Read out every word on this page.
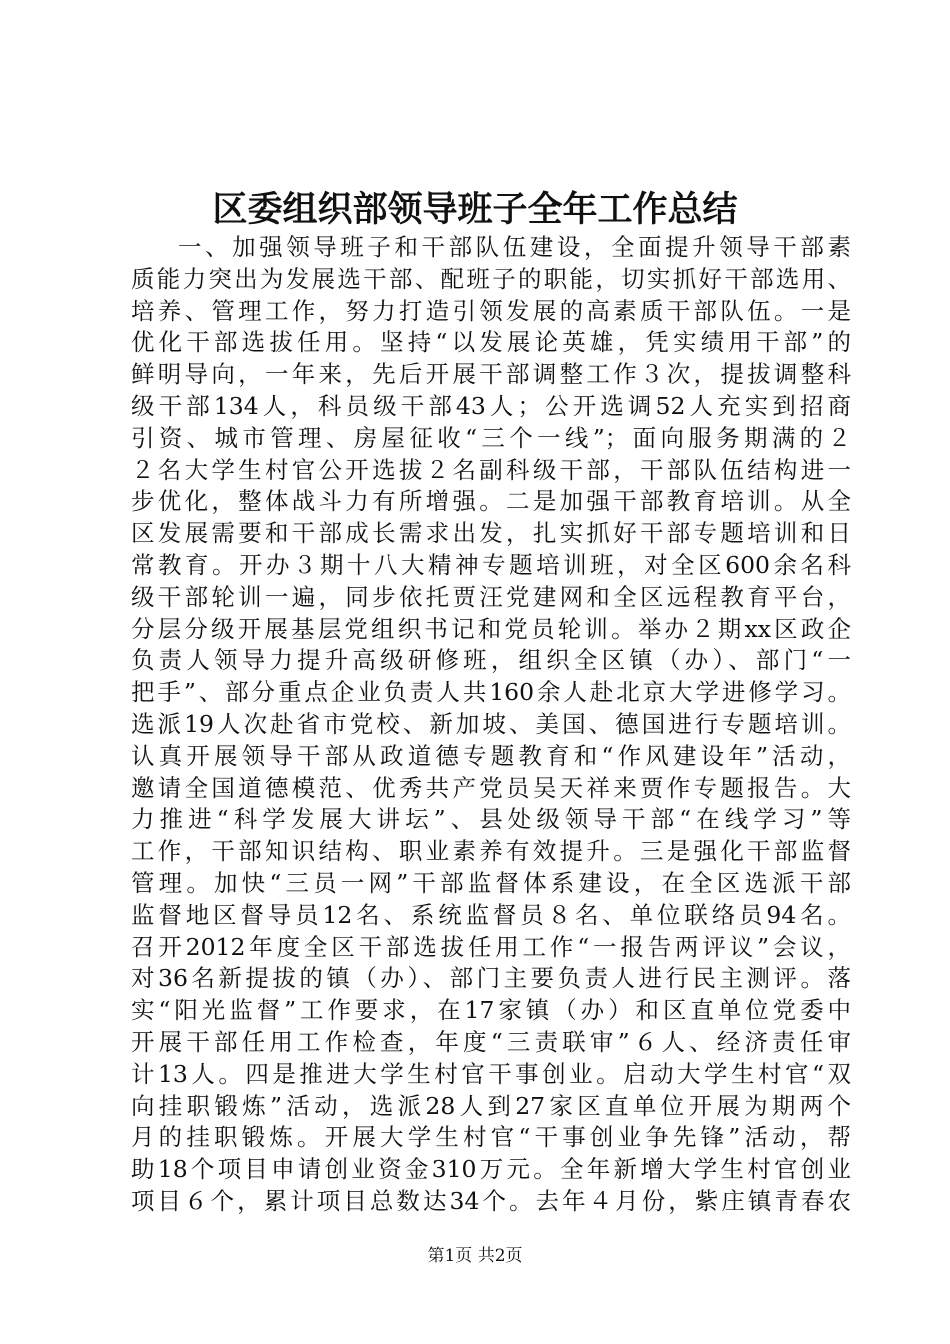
区委组织部领导班子全年工作总结
一、加强领导班子和干部队伍建设，全面提升领导干部素
质能力突出为发展选干部、配班子的职能，切实抓好干部选用、
培养、管理工作，努力打造引领发展的高素质干部队伍。一是
优化干部选拔任用。坚持“以发展论英雄，凭实绩用干部”的
鲜明导向，一年来，先后开展干部调整工作３次，提拔调整科
级干部134人，科员级干部43人；公开选调52人充实到招商
引资、城市管理、房屋征收“三个一线”；面向服务期满的２
２名大学生村官公开选拔２名副科级干部，干部队伍结构进一
步优化，整体战斗力有所增强。二是加强干部教育培训。从全
区发展需要和干部成长需求出发，扎实抓好干部专题培训和日
常教育。开办３期十八大精神专题培训班，对全区600余名科
级干部轮训一遍，同步依托贾汪党建网和全区远程教育平台，
分层分级开展基层党组织书记和党员轮训。举办２期xx区政企
负责人领导力提升高级研修班，组织全区镇（办）、部门“一
把手”、部分重点企业负责人共160余人赴北京大学进修学习。
选派19人次赴省市党校、新加坡、美国、德国进行专题培训。
认真开展领导干部从政道德专题教育和“作风建设年”活动，
邀请全国道德模范、优秀共产党员吴天祥来贾作专题报告。大
力推进“科学发展大讲坛”、县处级领导干部“在线学习”等
工作，干部知识结构、职业素养有效提升。三是强化干部监督
管理。加快“三员一网”干部监督体系建设，在全区选派干部
监督地区督导员12名、系统监督员８名、单位联络员94名。
召开2012年度全区干部选拔任用工作“一报告两评议”会议，
对36名新提拔的镇（办）、部门主要负责人进行民主测评。落
实“阳光监督”工作要求，在17家镇（办）和区直单位党委中
开展干部任用工作检查，年度“三责联审”６人、经济责任审
计13人。四是推进大学生村官干事创业。启动大学生村官“双
向挂职锻炼”活动，选派28人到27家区直单位开展为期两个
月的挂职锻炼。开展大学生村官“干事创业争先锋”活动，帮
助18个项目申请创业资金310万元。全年新增大学生村官创业
项目６个，累计项目总数达34个。去年４月份，紫庄镇青春农
第1页 共2页
